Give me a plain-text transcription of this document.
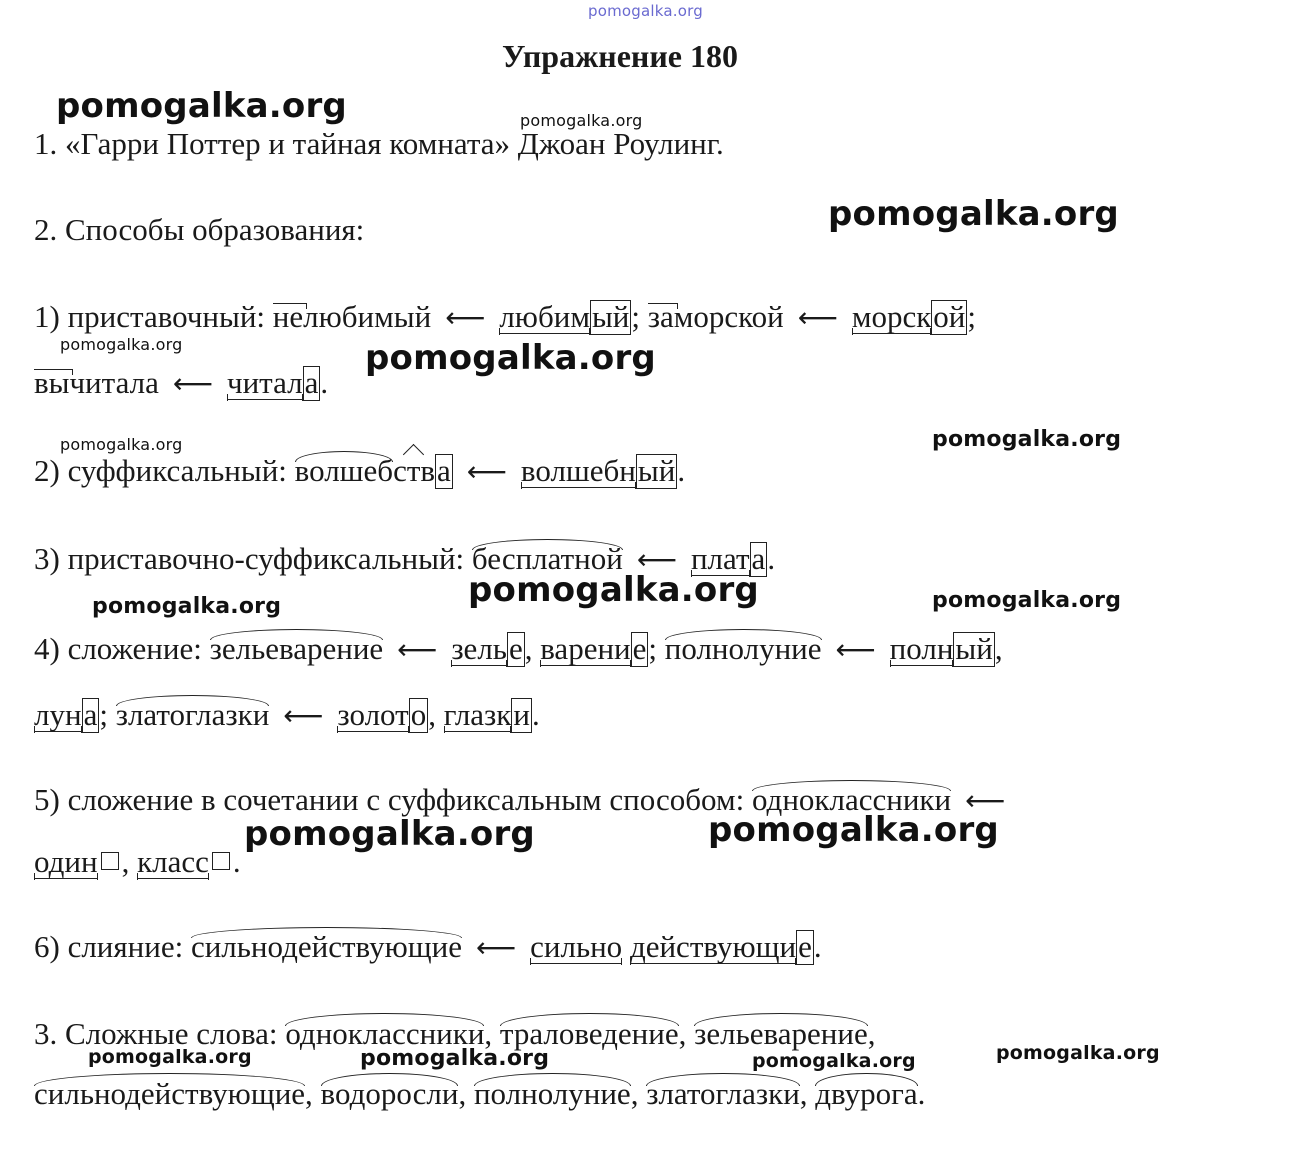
pomogalka.org
pomogalka.org	pomogalka.org
pomogalka.org
pomogalka.org	pomogalka.org
pomogalka.org	pomogalka.org
pomogalka.org
pomogalka.org	pomogalka.org
pomogalka.org	pomogalka.org
pomogalka.org	pomogalka.org	pomogalka.org	pomogalka.org
Упражнение 180
1. «Гарри Поттер и тайная комната» Джоан Роулинг.
2. Способы образования:
1) приставочный: нелюбимый ⟵ любимый; заморской ⟵ морской;
вычитала ⟵ читала.
2) суффиксальный: волшебства ⟵ волшебный.
3) приставочно-суффиксальный: бесплатной ⟵ плата.
4) сложение: зельеварение ⟵ зелье, варение; полнолуние ⟵ полный,
луна; златоглазки ⟵ золото, глазки.
5) сложение в сочетании с суффиксальным способом: одноклассники ⟵
один , класс .
6) слияние: сильнодействующие ⟵ сильно действующие.
3. Сложные слова: одноклассники, траловедение, зельеварение,
сильнодействующие, водоросли, полнолуние, златоглазки, двурога.
